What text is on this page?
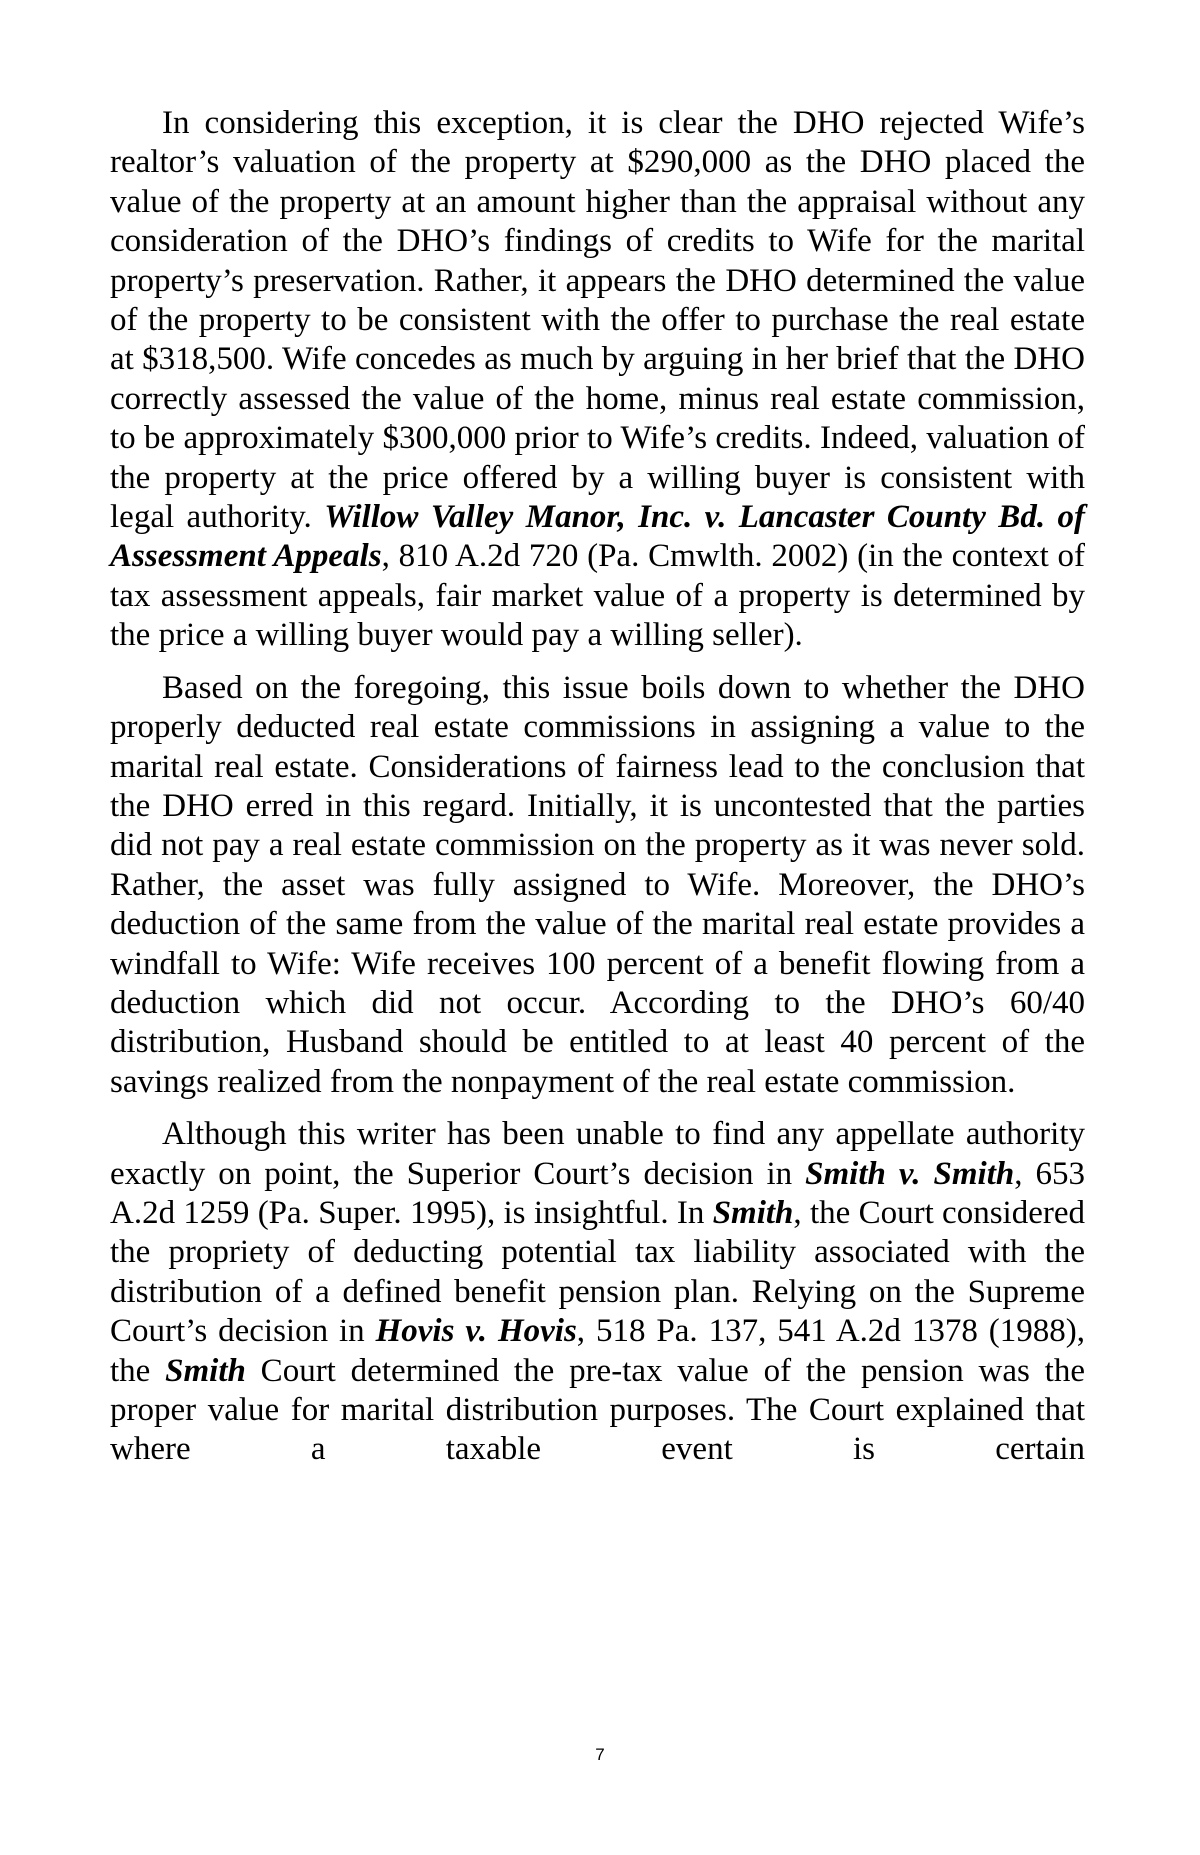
In considering this exception, it is clear the DHO rejected Wife’s realtor’s valuation of the property at $290,000 as the DHO placed the value of the property at an amount higher than the appraisal without any consideration of the DHO’s findings of credits to Wife for the marital property’s preservation. Rather, it appears the DHO determined the value of the property to be consistent with the offer to purchase the real estate at $318,500. Wife concedes as much by arguing in her brief that the DHO correctly assessed the value of the home, minus real estate commission, to be approximately $300,000 prior to Wife’s credits. Indeed, valuation of the property at the price offered by a willing buyer is consistent with legal authority. Willow Valley Manor, Inc. v. Lancaster County Bd. of Assessment Appeals, 810 A.2d 720 (Pa. Cmwlth. 2002) (in the context of tax assessment appeals, fair market value of a property is determined by the price a willing buyer would pay a willing seller).

Based on the foregoing, this issue boils down to whether the DHO properly deducted real estate commissions in assigning a value to the marital real estate. Considerations of fairness lead to the conclusion that the DHO erred in this regard. Initially, it is uncontested that the parties did not pay a real estate commission on the property as it was never sold. Rather, the asset was fully assigned to Wife. Moreover, the DHO’s deduction of the same from the value of the marital real estate provides a windfall to Wife: Wife receives 100 percent of a benefit flowing from a deduction which did not occur. According to the DHO’s 60/40 distribution, Husband should be entitled to at least 40 percent of the savings realized from the nonpayment of the real estate commission.

Although this writer has been unable to find any appellate authority exactly on point, the Superior Court’s decision in Smith v. Smith, 653 A.2d 1259 (Pa. Super. 1995), is insightful. In Smith, the Court considered the propriety of deducting potential tax liability associated with the distribution of a defined benefit pension plan. Relying on the Supreme Court’s decision in Hovis v. Hovis, 518 Pa. 137, 541 A.2d 1378 (1988), the Smith Court determined the pre-tax value of the pension was the proper value for marital distribution purposes. The Court explained that where a taxable event is certain

7
